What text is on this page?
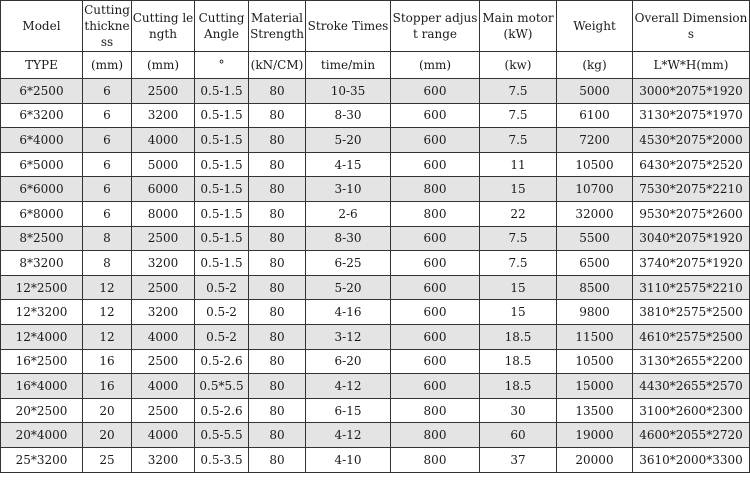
Model	Cutting thickness	Cutting length	Cutting Angle	Material Strength	Stroke Times	Stopper adjust range	Main motor(kW)	Weight	Overall Dimensions
TYPE	(mm)	(mm)	°	(kN/CM)	time/min	(mm)	(kw)	(kg)	L*W*H(mm)
6*2500	6	2500	0.5-1.5	80	10-35	600	7.5	5000	3000*2075*1920
6*3200	6	3200	0.5-1.5	80	8-30	600	7.5	6100	3130*2075*1970
6*4000	6	4000	0.5-1.5	80	5-20	600	7.5	7200	4530*2075*2000
6*5000	6	5000	0.5-1.5	80	4-15	600	11	10500	6430*2075*2520
6*6000	6	6000	0.5-1.5	80	3-10	800	15	10700	7530*2075*2210
6*8000	6	8000	0.5-1.5	80	2-6	800	22	32000	9530*2075*2600
8*2500	8	2500	0.5-1.5	80	8-30	600	7.5	5500	3040*2075*1920
8*3200	8	3200	0.5-1.5	80	6-25	600	7.5	6500	3740*2075*1920
12*2500	12	2500	0.5-2	80	5-20	600	15	8500	3110*2575*2210
12*3200	12	3200	0.5-2	80	4-16	600	15	9800	3810*2575*2500
12*4000	12	4000	0.5-2	80	3-12	600	18.5	11500	4610*2575*2500
16*2500	16	2500	0.5-2.6	80	6-20	600	18.5	10500	3130*2655*2200
16*4000	16	4000	0.5*5.5	80	4-12	600	18.5	15000	4430*2655*2570
20*2500	20	2500	0.5-2.6	80	6-15	800	30	13500	3100*2600*2300
20*4000	20	4000	0.5-5.5	80	4-12	800	60	19000	4600*2055*2720
25*3200	25	3200	0.5-3.5	80	4-10	800	37	20000	3610*2000*3300
